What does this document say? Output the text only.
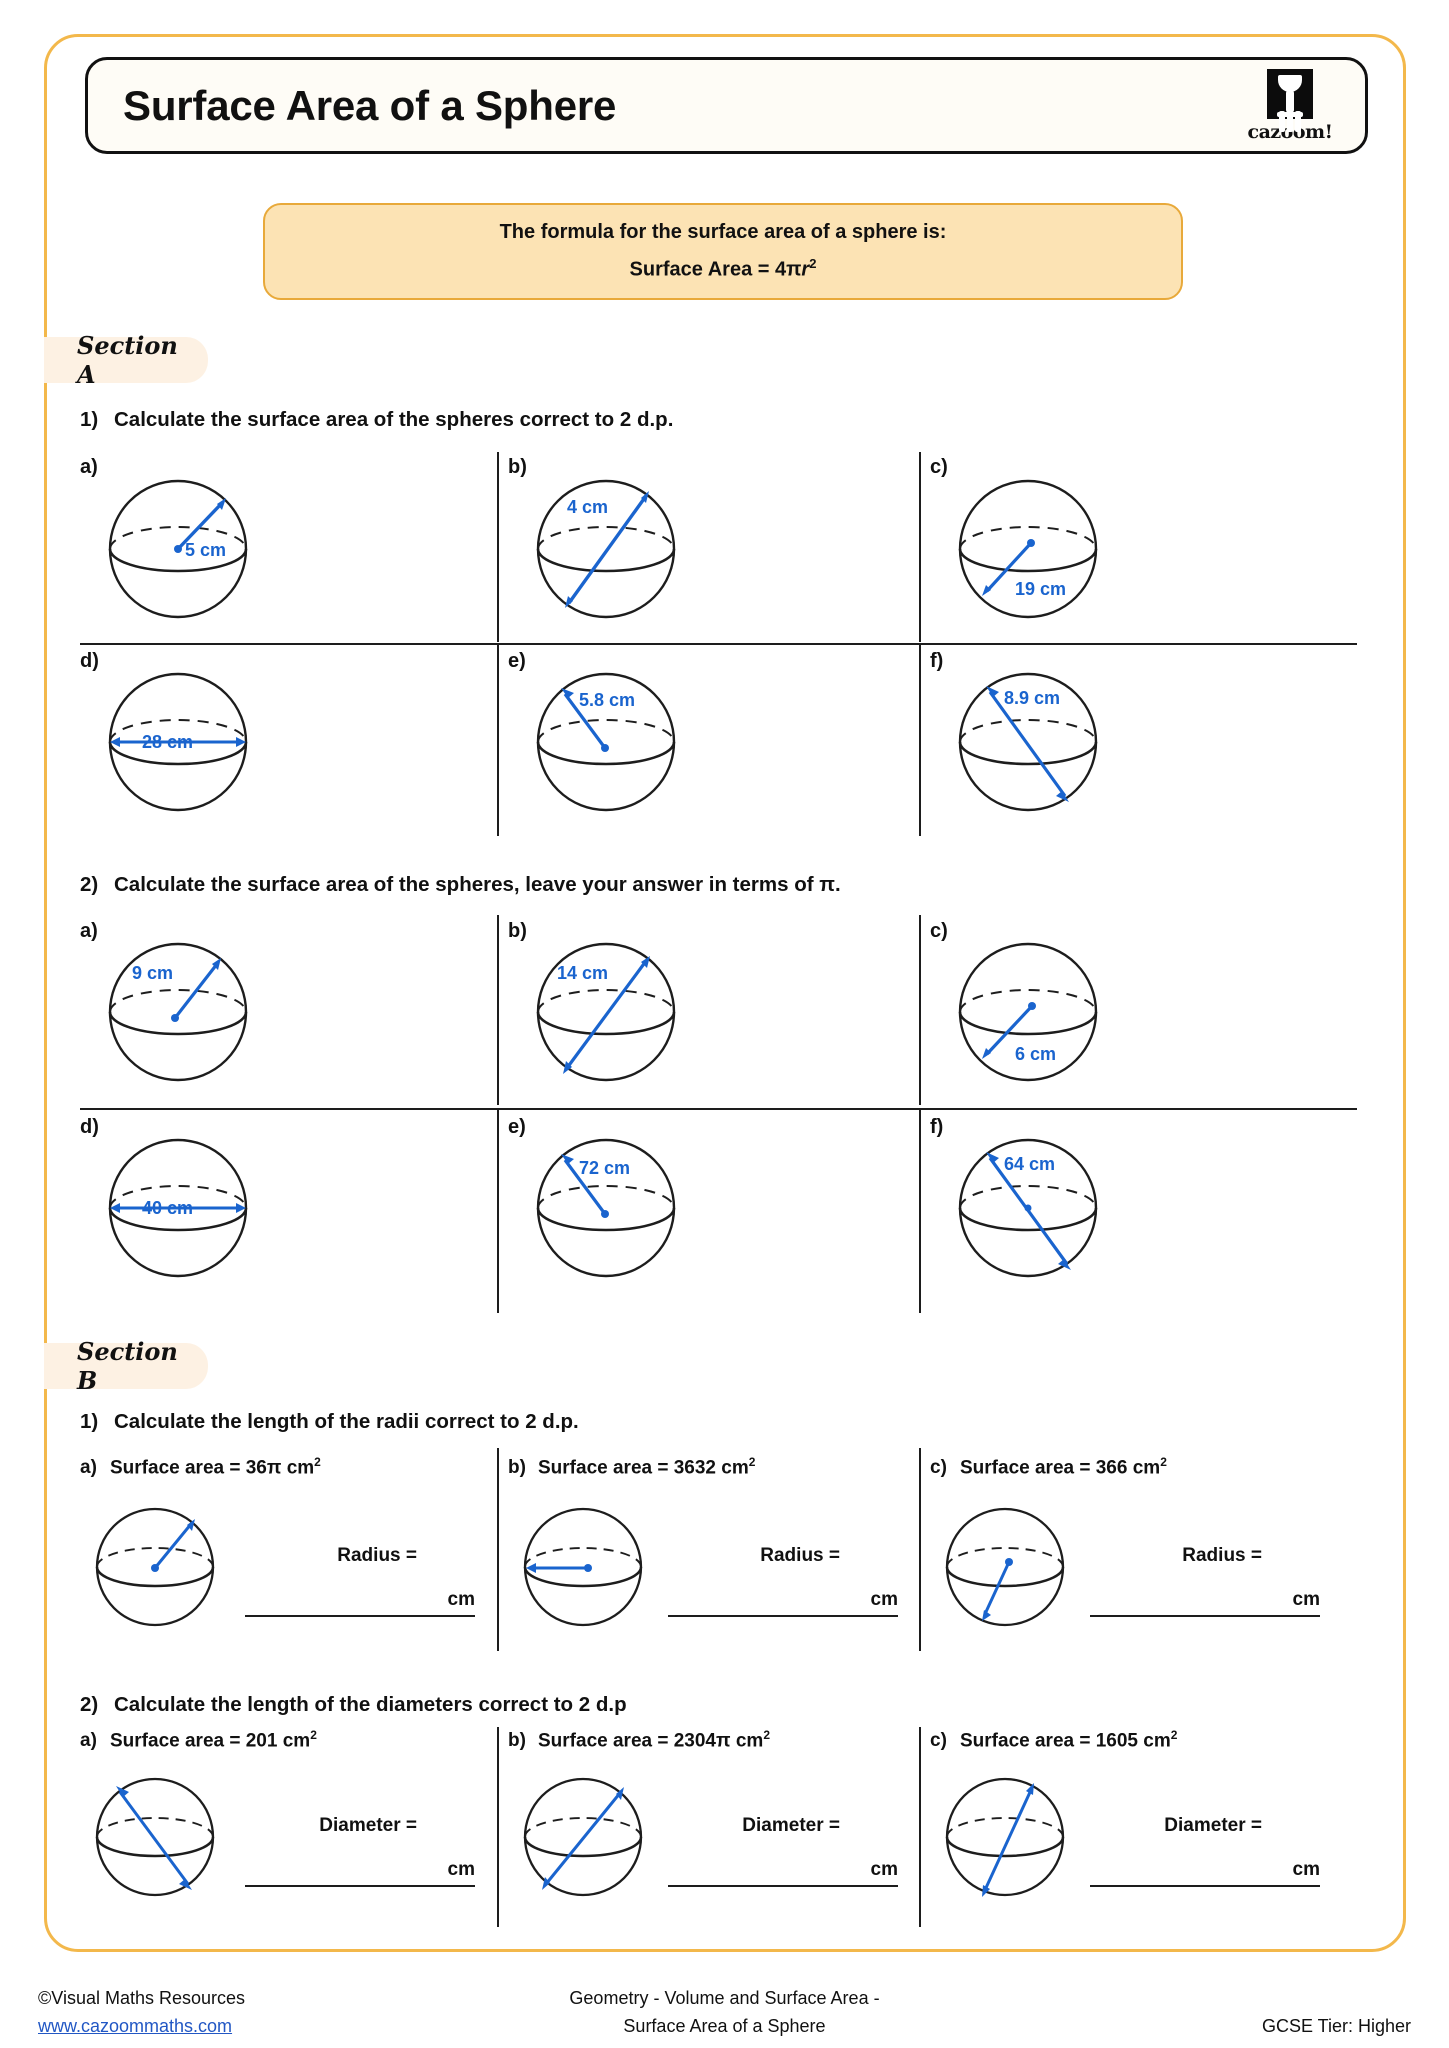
Surface Area of a Sphere
cazoom!
The formula for the surface area of a sphere is:
Surface Area = $4\pi r^2$
Section A
1) Calculate the surface area of the spheres correct to 2 d.p.
a)
5 cm
b)
4 cm
c)
19 cm
d)
28 cm
e)
5.8 cm
f)
8.9 cm
2) Calculate the surface area of the spheres, leave your answer in terms of π.
a)
9 cm
b)
14 cm
c)
6 cm
d)
40 cm
e)
72 cm
f)
64 cm
Section B
1) Calculate the length of the radii correct to 2 d.p.
a) Surface area = 36π $cm^2$
Radius =
cm
b) Surface area = 3632 $cm^2$
Radius =
cm
c) Surface area = 366 $cm^2$
Radius =
cm
2) Calculate the length of the diameters correct to 2 d.p
a) Surface area = 201 $cm^2$
Diameter =
cm
b) Surface area = 2304π $cm^2$
Diameter =
cm
c) Surface area = 1605 $cm^2$
Diameter =
cm
©Visual Maths Resources
www.cazoommaths.com
Geometry - Volume and Surface Area -
Surface Area of a Sphere	GCSE Tier: Higher
